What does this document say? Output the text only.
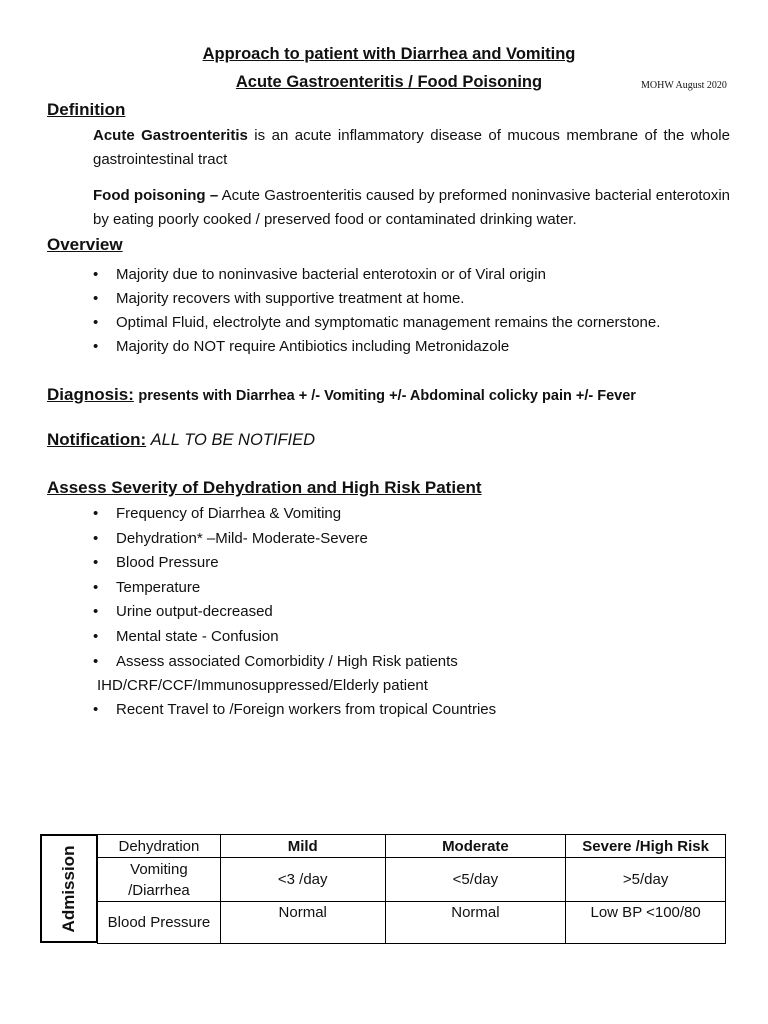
Approach to patient with Diarrhea and Vomiting
Acute Gastroenteritis / Food Poisoning	MOHW August 2020
Definition
Acute Gastroenteritis is an acute inflammatory disease of mucous membrane of the whole gastrointestinal tract
Food poisoning – Acute Gastroenteritis caused by preformed noninvasive bacterial enterotoxin by eating poorly cooked / preserved food or contaminated drinking water.
Overview
• Majority due to noninvasive bacterial enterotoxin or of Viral origin
• Majority recovers with supportive treatment at home.
• Optimal Fluid, electrolyte and symptomatic management remains the cornerstone.
• Majority do NOT require Antibiotics including Metronidazole
Diagnosis: presents with Diarrhea + /- Vomiting +/- Abdominal colicky pain +/- Fever
Notification: ALL TO BE NOTIFIED
Assess Severity of Dehydration and High Risk Patient
• Frequency of Diarrhea & Vomiting
• Dehydration* –Mild- Moderate-Severe
• Blood Pressure
• Temperature
• Urine output-decreased
• Mental state - Confusion
• Assess associated Comorbidity / High Risk patients
IHD/CRF/CCF/Immunosuppressed/Elderly patient
• Recent Travel to /Foreign workers from tropical Countries
Admission	Dehydration	Mild	Moderate	Severe /High Risk
Vomiting /Diarrhea	<3 /day	<5/day	>5/day
Blood Pressure	Normal	Normal	Low BP <100/80
